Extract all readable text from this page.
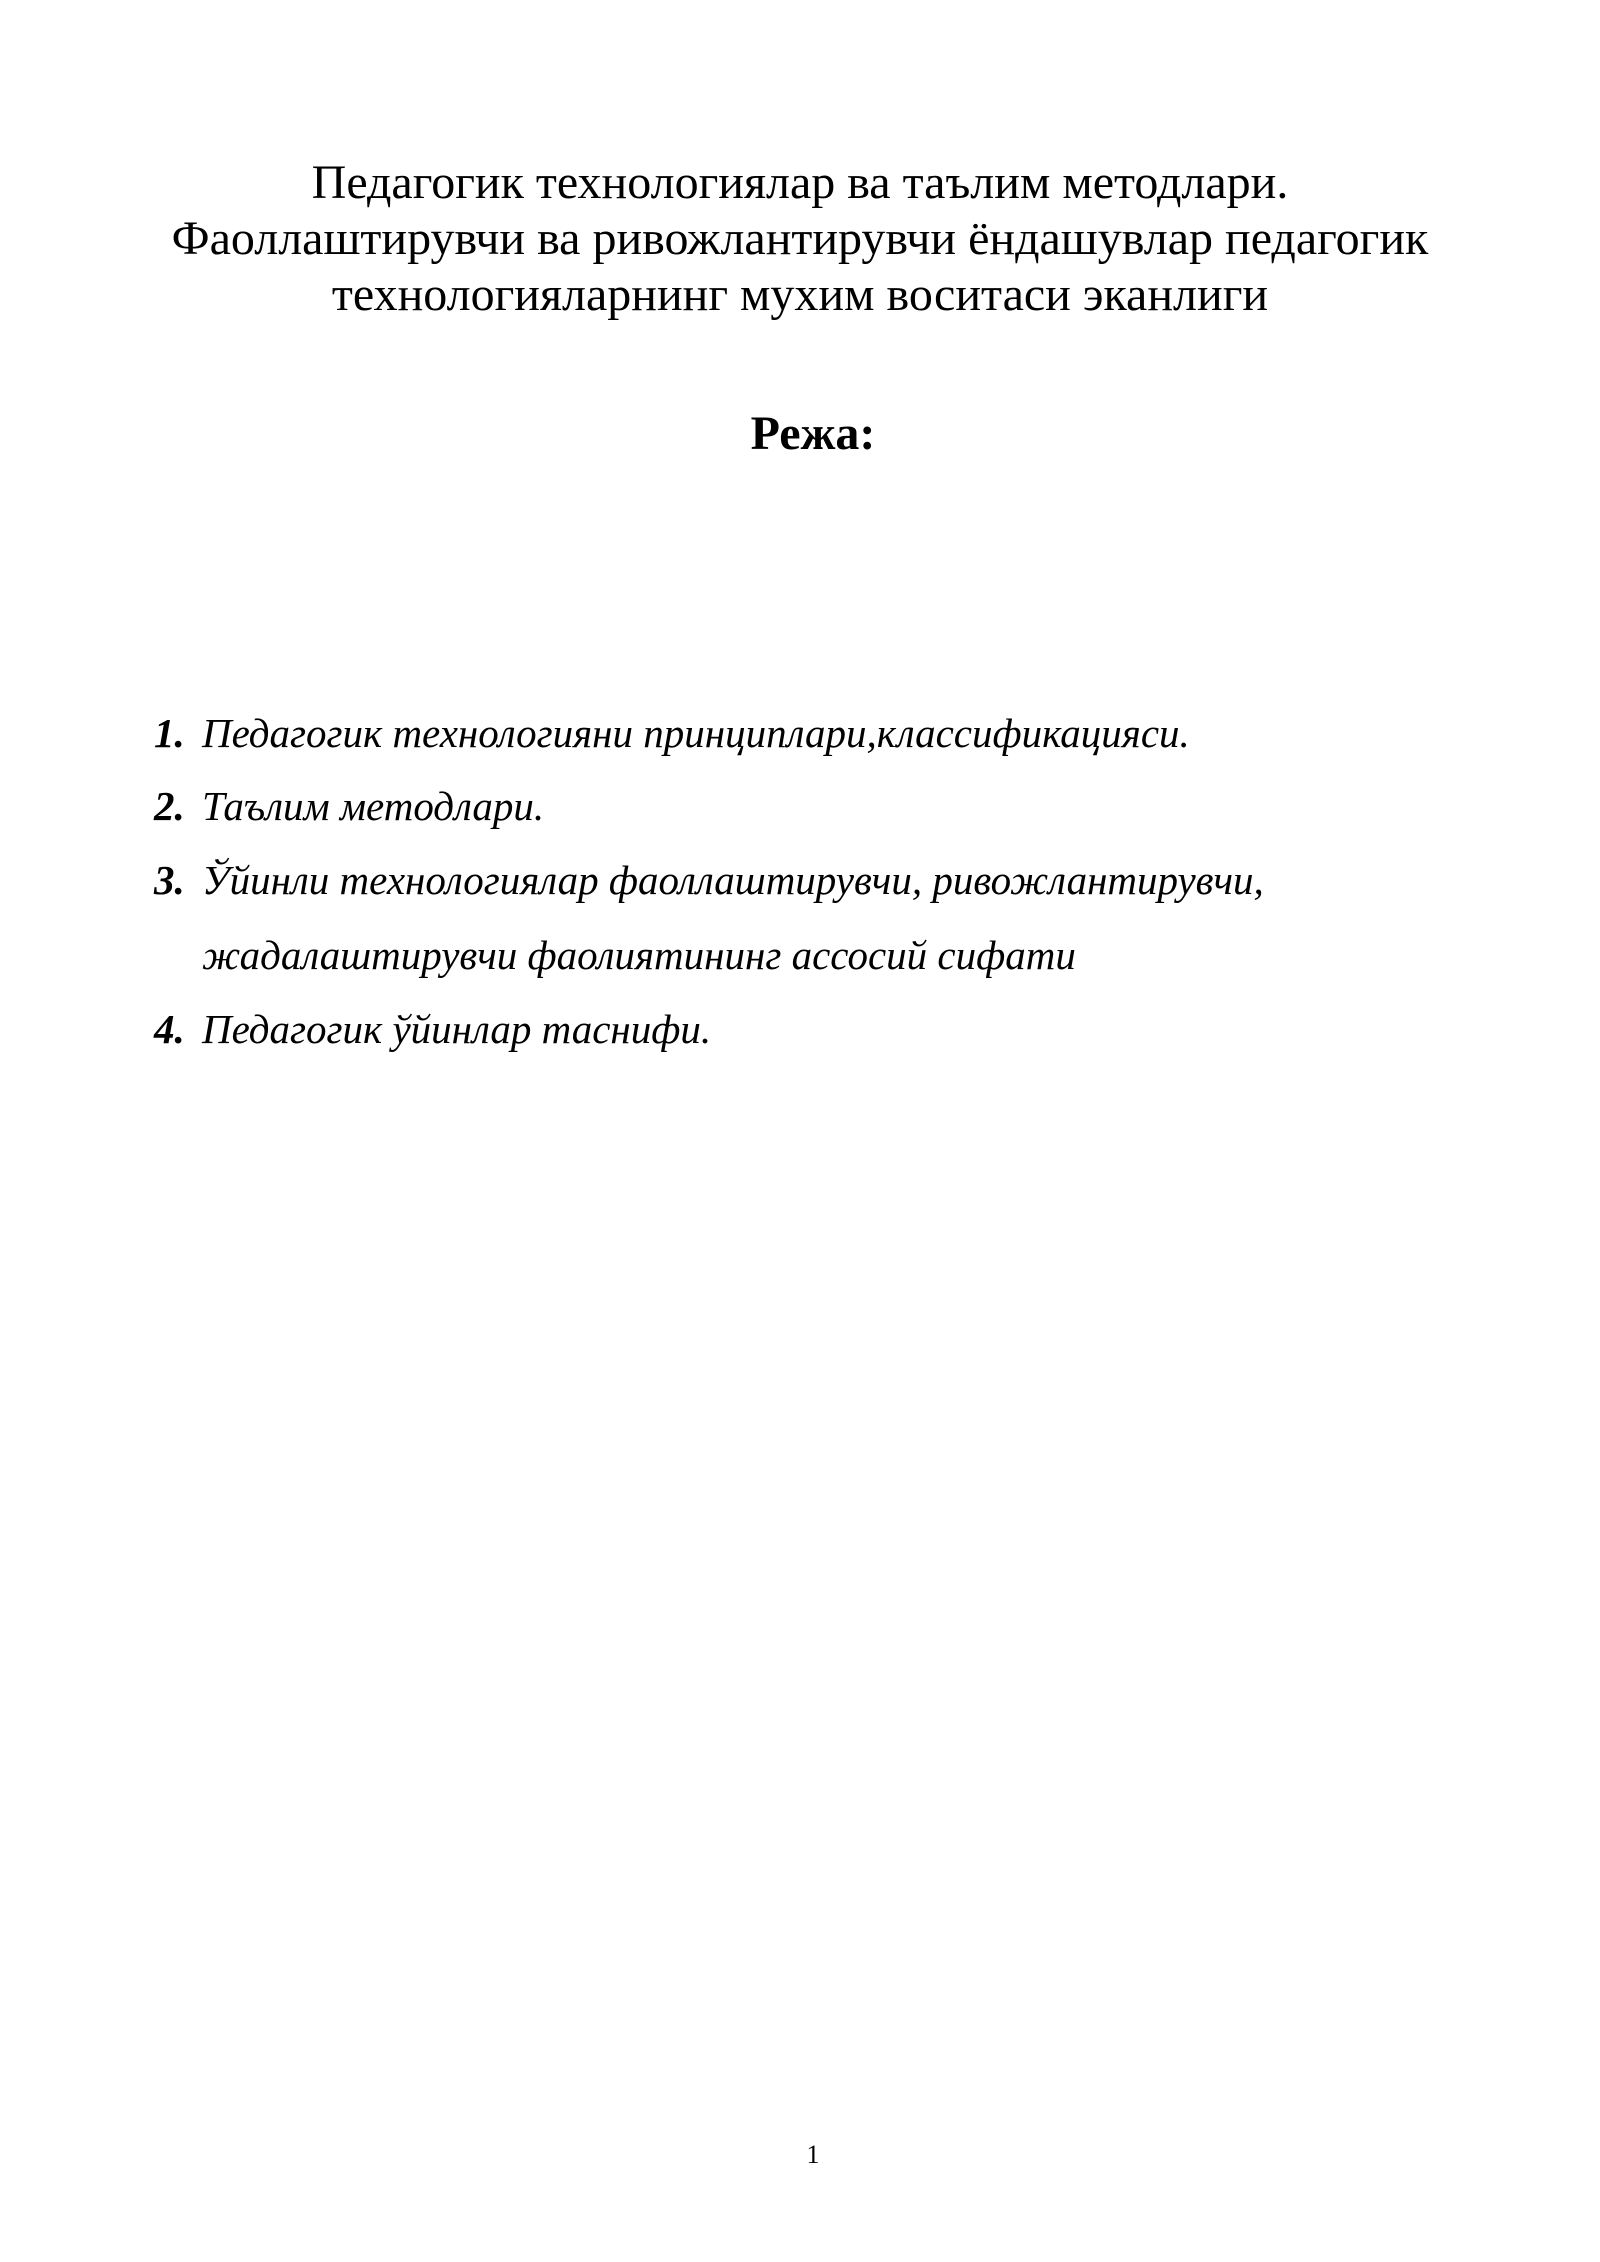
Педагогик технологиялар ва таълим методлари.
Фаоллаштирувчи ва ривожлантирувчи ёндашувлар педагогик
технологияларнинг мухим воситаси эканлиги
Режа:
1. Педагогик технологияни принциплари,классификацияси.
2. Таълим методлари.
3. Ўйинли технологиялар фаоллаштирувчи, ривожлантирувчи,
жадалаштирувчи фаолиятининг ассосий сифати
4. Педагогик ўйинлар таснифи.
1
